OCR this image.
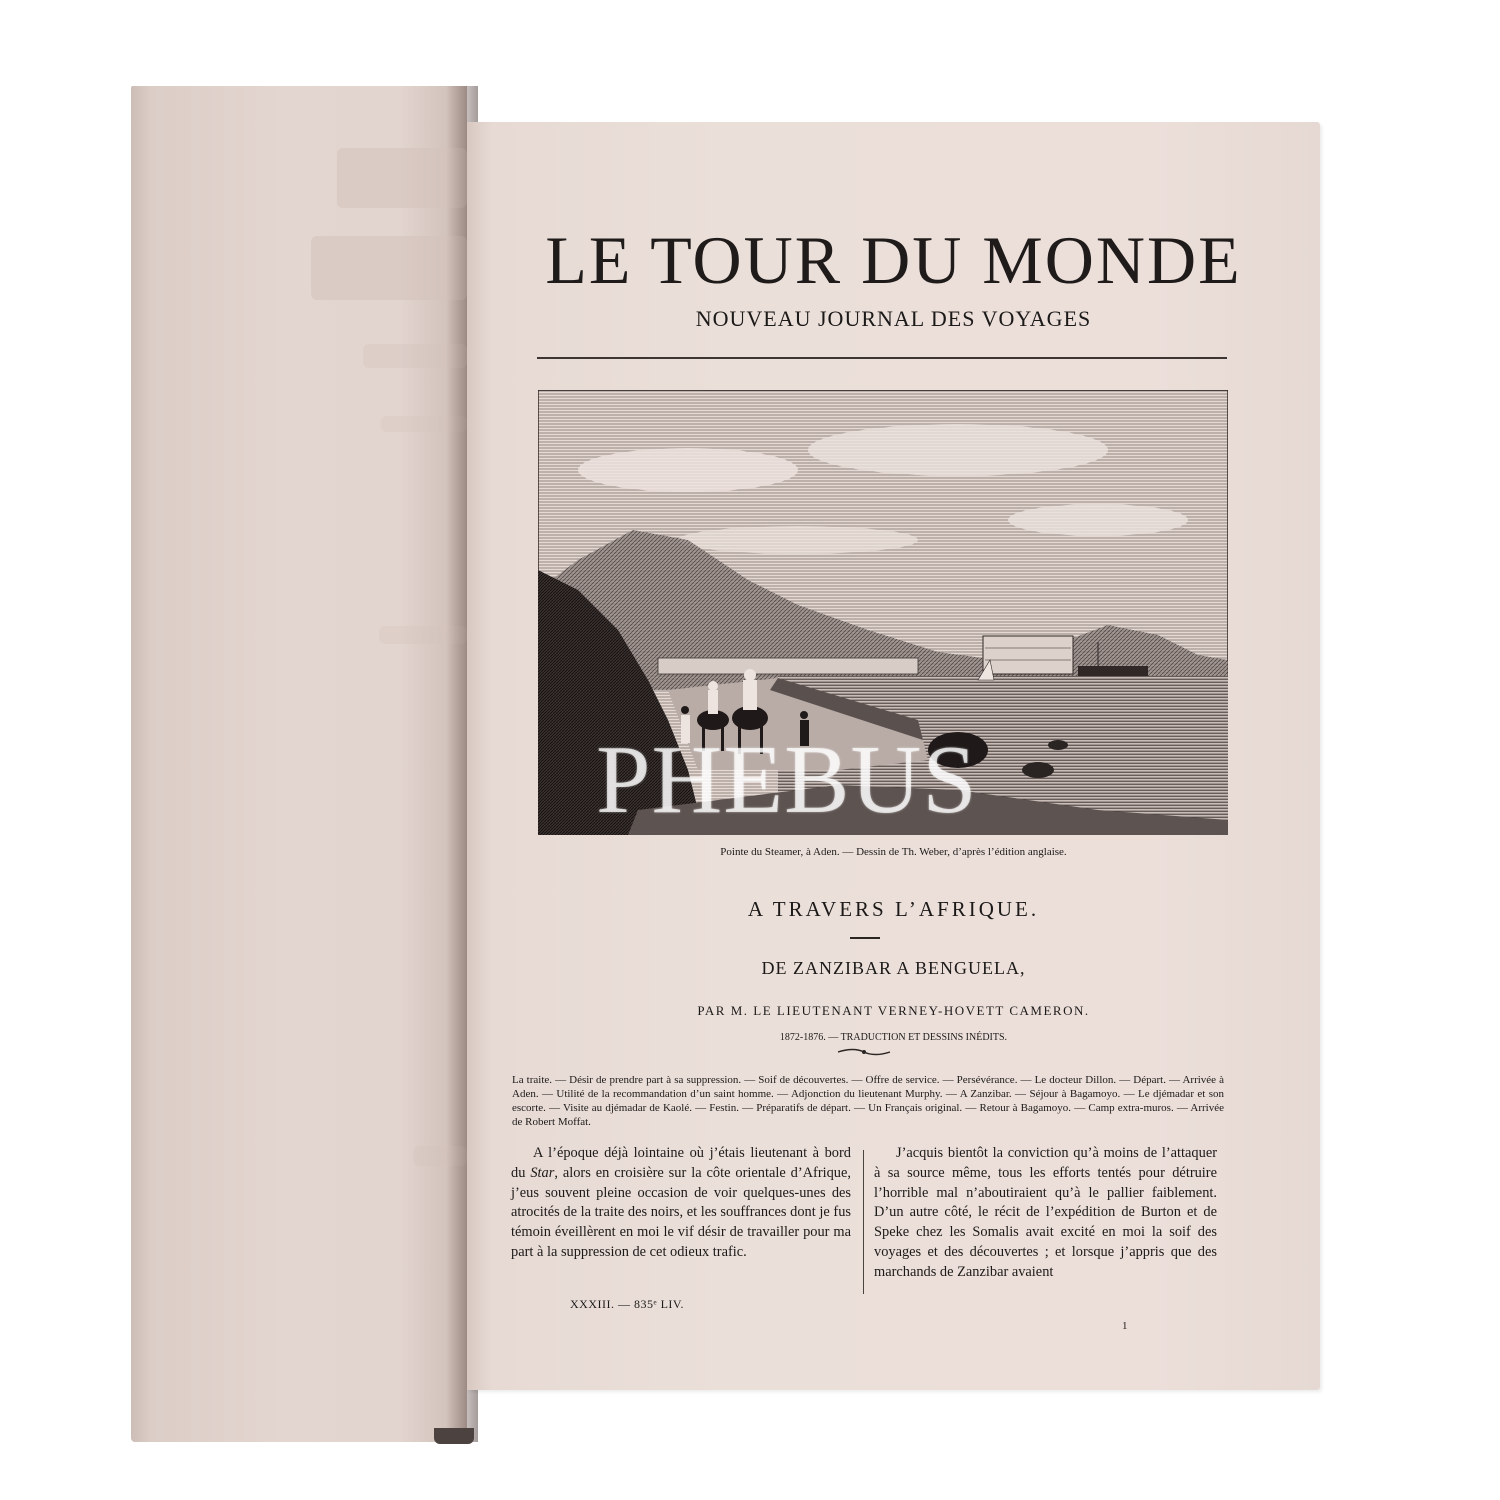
LE TOUR DU MONDE
NOUVEAU JOURNAL DES VOYAGES
Pointe du Steamer, à Aden. — Dessin de Th. Weber, d’après l’édition anglaise.
PHEBUS
A TRAVERS L’AFRIQUE.
DE ZANZIBAR A BENGUELA,
PAR M. LE LIEUTENANT VERNEY-HOVETT CAMERON.
1872-1876. — TRADUCTION ET DESSINS INÉDITS.

La traite. — Désir de prendre part à sa suppression. — Soif de découvertes. — Offre de service. — Persévérance. — Le docteur Dillon. — Départ. — Arrivée à Aden. — Utilité de la recommandation d’un saint homme. — Adjonction du lieutenant Murphy. — A Zanzibar. — Séjour à Bagamoyo. — Le djémadar et son escorte. — Visite au djémadar de Kaolé. — Festin. — Préparatifs de départ. — Un Français original. — Retour à Bagamoyo. — Camp extra-muros. — Arrivée de Robert Moffat.

A l’époque déjà lointaine où j’étais lieutenant à bord du Star, alors en croisière sur la côte orientale d’Afrique, j’eus souvent pleine occasion de voir quelques-unes des atrocités de la traite des noirs, et les souffrances dont je fus témoin éveillèrent en moi le vif désir de travailler pour ma part à la suppression de cet odieux trafic.

J’acquis bientôt la conviction qu’à moins de l’attaquer à sa source même, tous les efforts tentés pour détruire l’horrible mal n’aboutiraient qu’à le pallier faiblement. D’un autre côté, le récit de l’expédition de Burton et de Speke chez les Somalis avait excité en moi la soif des voyages et des découvertes ; et lorsque j’appris que des marchands de Zanzibar avaient

XXXIII. — 835ᵉ LIV.
1
